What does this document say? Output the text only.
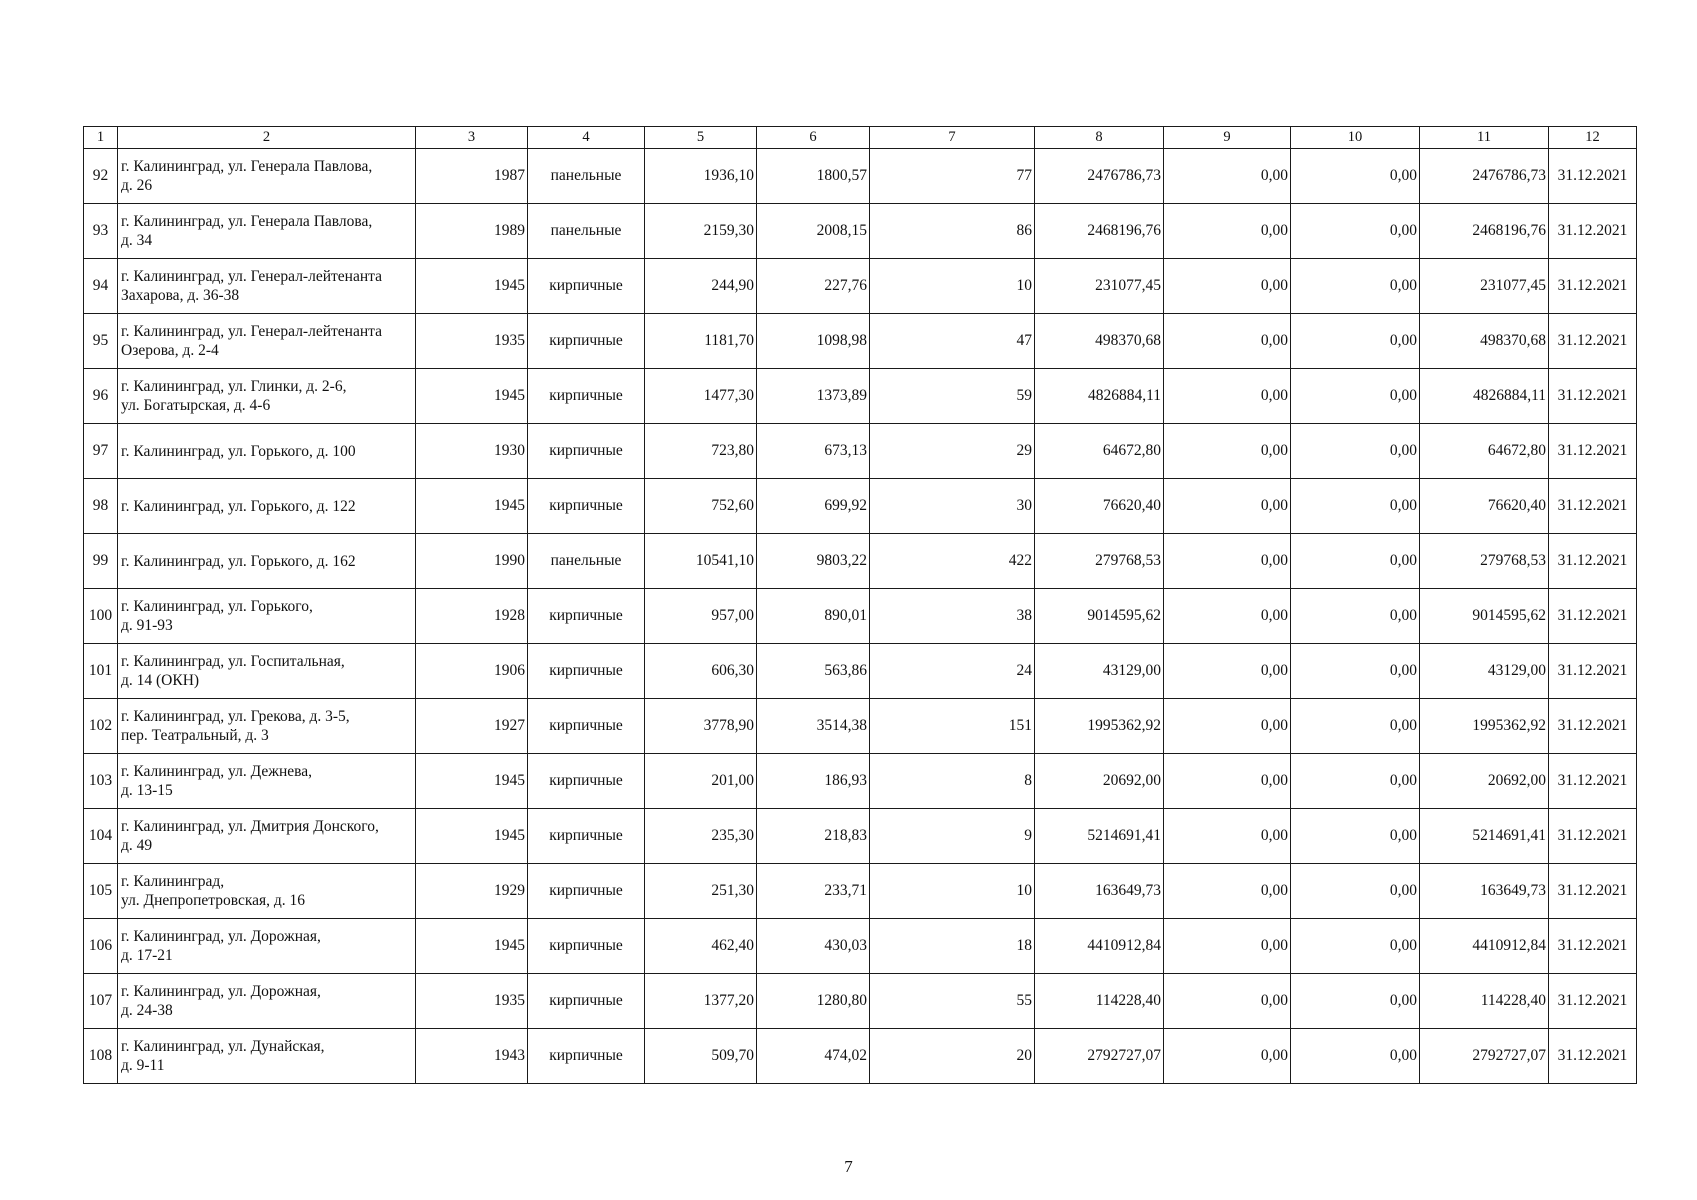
1	2	3	4	5	6	7	8	9	10	11	12
92	г. Калининград, ул. Генерала Павлова,
д. 26	1987	панельные	1936,10	1800,57	77	2476786,73	0,00	0,00	2476786,73	31.12.2021
93	г. Калининград, ул. Генерала Павлова,
д. 34	1989	панельные	2159,30	2008,15	86	2468196,76	0,00	0,00	2468196,76	31.12.2021
94	г. Калининград, ул. Генерал-лейтенанта
Захарова, д. 36-38	1945	кирпичные	244,90	227,76	10	231077,45	0,00	0,00	231077,45	31.12.2021
95	г. Калининград, ул. Генерал-лейтенанта
Озерова, д. 2-4	1935	кирпичные	1181,70	1098,98	47	498370,68	0,00	0,00	498370,68	31.12.2021
96	г. Калининград, ул. Глинки, д. 2-6,
ул. Богатырская, д. 4-6	1945	кирпичные	1477,30	1373,89	59	4826884,11	0,00	0,00	4826884,11	31.12.2021
97	г. Калининград, ул. Горького, д. 100	1930	кирпичные	723,80	673,13	29	64672,80	0,00	0,00	64672,80	31.12.2021
98	г. Калининград, ул. Горького, д. 122	1945	кирпичные	752,60	699,92	30	76620,40	0,00	0,00	76620,40	31.12.2021
99	г. Калининград, ул. Горького, д. 162	1990	панельные	10541,10	9803,22	422	279768,53	0,00	0,00	279768,53	31.12.2021
100	г. Калининград, ул. Горького,
д. 91-93	1928	кирпичные	957,00	890,01	38	9014595,62	0,00	0,00	9014595,62	31.12.2021
101	г. Калининград, ул. Госпитальная,
д. 14 (ОКН)	1906	кирпичные	606,30	563,86	24	43129,00	0,00	0,00	43129,00	31.12.2021
102	г. Калининград, ул. Грекова, д. 3-5,
пер. Театральный, д. 3	1927	кирпичные	3778,90	3514,38	151	1995362,92	0,00	0,00	1995362,92	31.12.2021
103	г. Калининград, ул. Дежнева,
д. 13-15	1945	кирпичные	201,00	186,93	8	20692,00	0,00	0,00	20692,00	31.12.2021
104	г. Калининград, ул. Дмитрия Донского,
д. 49	1945	кирпичные	235,30	218,83	9	5214691,41	0,00	0,00	5214691,41	31.12.2021
105	г. Калининград,
ул. Днепропетровская, д. 16	1929	кирпичные	251,30	233,71	10	163649,73	0,00	0,00	163649,73	31.12.2021
106	г. Калининград, ул. Дорожная,
д. 17-21	1945	кирпичные	462,40	430,03	18	4410912,84	0,00	0,00	4410912,84	31.12.2021
107	г. Калининград, ул. Дорожная,
д. 24-38	1935	кирпичные	1377,20	1280,80	55	114228,40	0,00	0,00	114228,40	31.12.2021
108	г. Калининград, ул. Дунайская,
д. 9-11	1943	кирпичные	509,70	474,02	20	2792727,07	0,00	0,00	2792727,07	31.12.2021
7
